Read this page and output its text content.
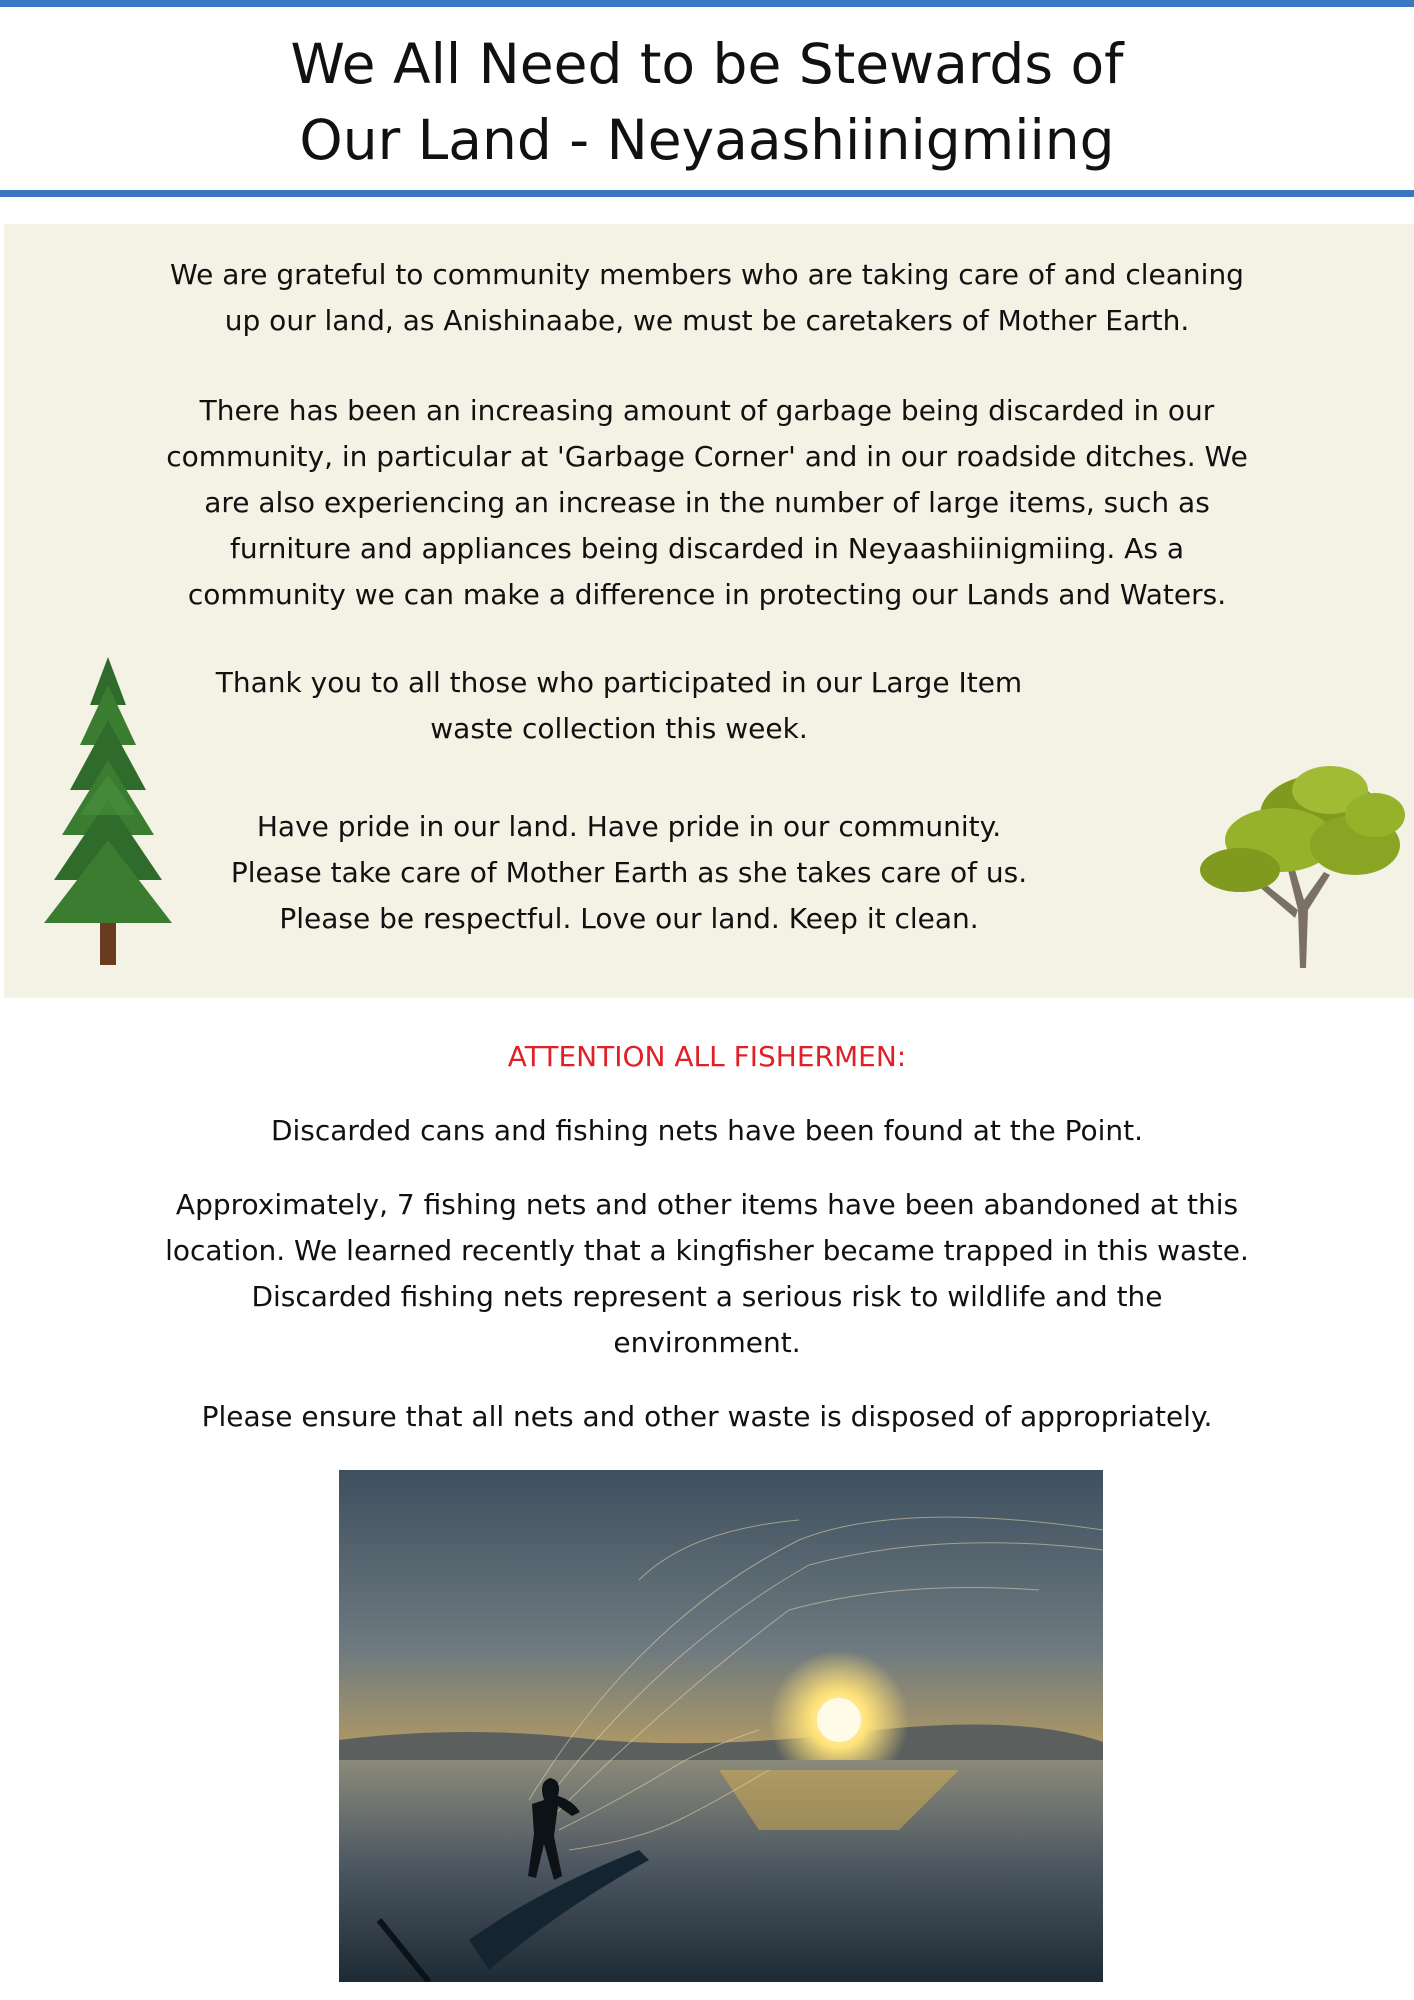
We All Need to be Stewards of
Our Land - Neyaashiinigmiing

We are grateful to community members who are taking care of and cleaning
up our land, as Anishinaabe, we must be caretakers of Mother Earth.

There has been an increasing amount of garbage being discarded in our
community, in particular at 'Garbage Corner' and in our roadside ditches. We
are also experiencing an increase in the number of large items, such as
furniture and appliances being discarded in Neyaashiinigmiing. As a
community we can make a difference in protecting our Lands and Waters.

Thank you to all those who participated in our Large Item
waste collection this week.

Have pride in our land. Have pride in our community.
Please take care of Mother Earth as she takes care of us.
Please be respectful. Love our land. Keep it clean.

ATTENTION ALL FISHERMEN:

Discarded cans and fishing nets have been found at the Point.

Approximately, 7 fishing nets and other items have been abandoned at this
location. We learned recently that a kingfisher became trapped in this waste.
Discarded fishing nets represent a serious risk to wildlife and the
environment.

Please ensure that all nets and other waste is disposed of appropriately.
